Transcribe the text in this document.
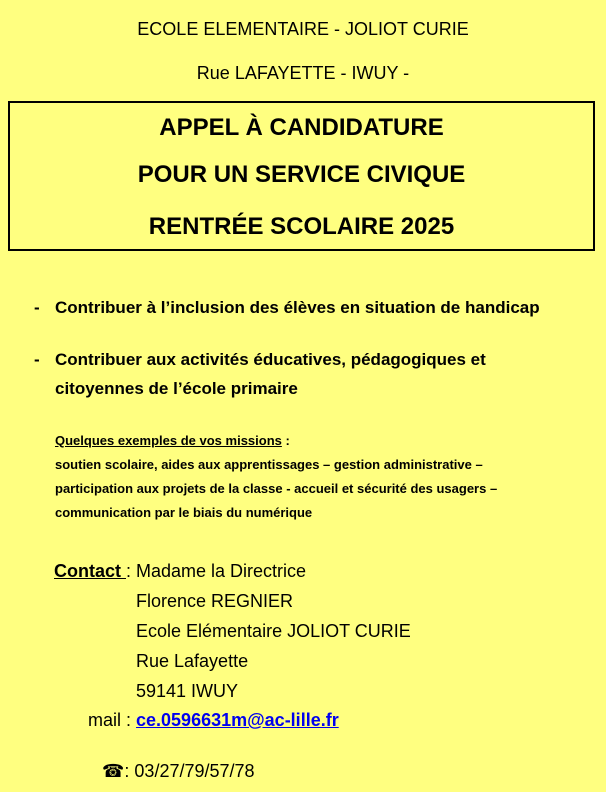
ECOLE ELEMENTAIRE - JOLIOT CURIE
Rue LAFAYETTE - IWUY -
APPEL À CANDIDATURE
POUR UN SERVICE CIVIQUE
RENTRÉE SCOLAIRE 2025
- Contribuer à l’inclusion des élèves en situation de handicap
- Contribuer aux activités éducatives, pédagogiques et
citoyennes de l’école primaire
Quelques exemples de vos missions :
soutien scolaire, aides aux apprentissages – gestion administrative –
participation aux projets de la classe - accueil et sécurité des usagers –
communication par le biais du numérique
Contact : Madame la Directrice
Florence REGNIER
Ecole Elémentaire JOLIOT CURIE
Rue Lafayette
59141 IWUY
mail : ce.0596631m@ac-lille.fr
☎: 03/27/79/57/78
